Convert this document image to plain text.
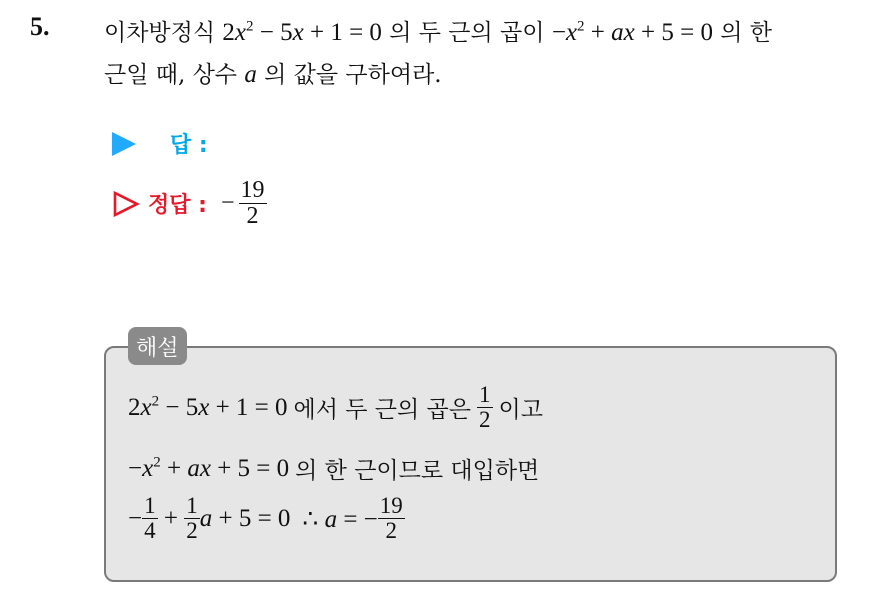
5. 이차방정식 $2x^2 - 5x + 1 = 0$ 의 두 근의 곱이 $-x^2$ + ax + 5 = 0 의 한
근일 때, 상수 a 의 값을 구하여라.
답 :
정답 : − $\frac{19}{2}$
해설
$2x^2 - 5x + 1 = 0$ 에서 두 근의 곱은 $\frac{1}{2}$ 이고
$-x^2$ + ax + 5 = 0 의 한 근이므로 대입하면
− $\frac{1}{4} + \frac{1}{2}$ a + 5 = 0 ∴ a = − $\frac{19}{2}$
